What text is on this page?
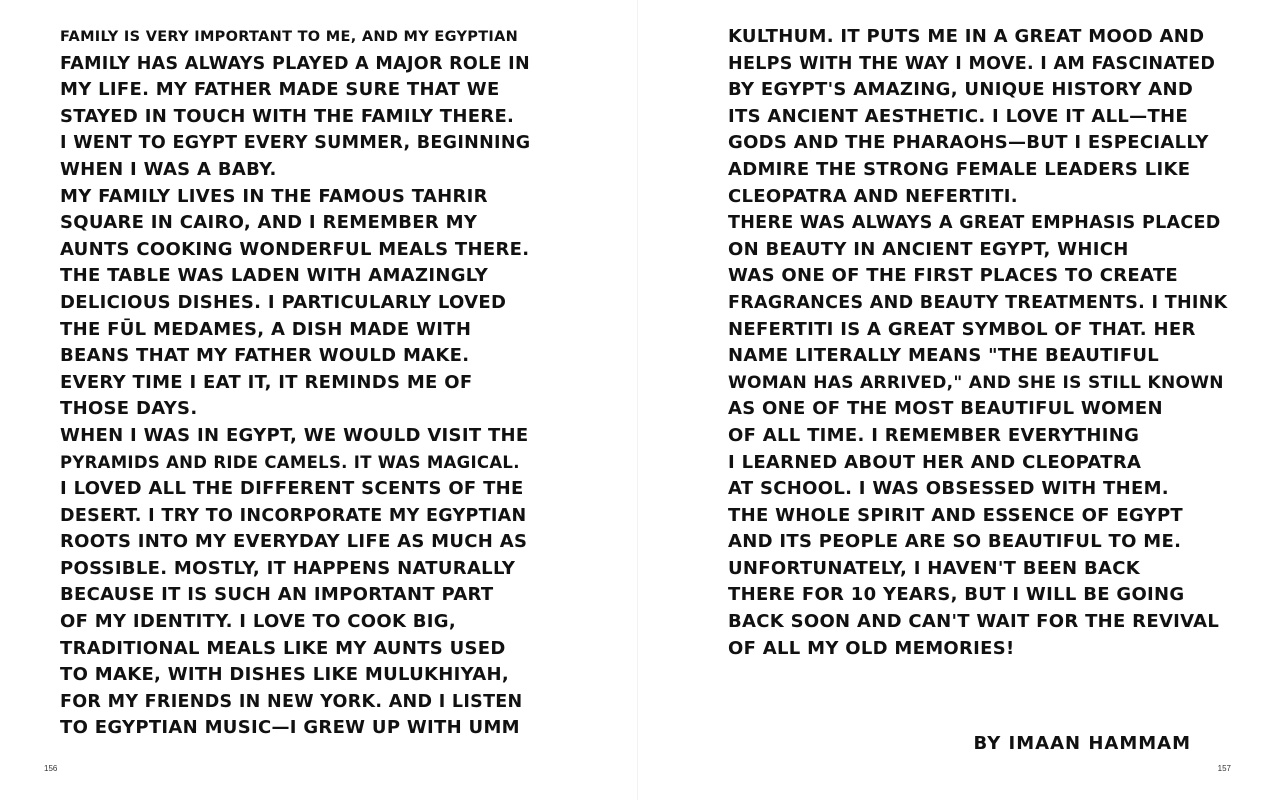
FAMILY IS VERY IMPORTANT TO ME, AND MY EGYPTIAN
FAMILY HAS ALWAYS PLAYED A MAJOR ROLE IN
MY LIFE. MY FATHER MADE SURE THAT WE
STAYED IN TOUCH WITH THE FAMILY THERE.
I WENT TO EGYPT EVERY SUMMER, BEGINNING
WHEN I WAS A BABY.
MY FAMILY LIVES IN THE FAMOUS TAHRIR
SQUARE IN CAIRO, AND I REMEMBER MY
AUNTS COOKING WONDERFUL MEALS THERE.
THE TABLE WAS LADEN WITH AMAZINGLY
DELICIOUS DISHES. I PARTICULARLY LOVED
THE FŪL MEDAMES, A DISH MADE WITH
BEANS THAT MY FATHER WOULD MAKE.
EVERY TIME I EAT IT, IT REMINDS ME OF
THOSE DAYS.
WHEN I WAS IN EGYPT, WE WOULD VISIT THE
PYRAMIDS AND RIDE CAMELS. IT WAS MAGICAL.
I LOVED ALL THE DIFFERENT SCENTS OF THE
DESERT. I TRY TO INCORPORATE MY EGYPTIAN
ROOTS INTO MY EVERYDAY LIFE AS MUCH AS
POSSIBLE. MOSTLY, IT HAPPENS NATURALLY
BECAUSE IT IS SUCH AN IMPORTANT PART
OF MY IDENTITY. I LOVE TO COOK BIG,
TRADITIONAL MEALS LIKE MY AUNTS USED
TO MAKE, WITH DISHES LIKE MULUKHIYAH,
FOR MY FRIENDS IN NEW YORK. AND I LISTEN
TO EGYPTIAN MUSIC—I GREW UP WITH UMM
156
KULTHUM. IT PUTS ME IN A GREAT MOOD AND
HELPS WITH THE WAY I MOVE. I AM FASCINATED
BY EGYPT'S AMAZING, UNIQUE HISTORY AND
ITS ANCIENT AESTHETIC. I LOVE IT ALL—THE
GODS AND THE PHARAOHS—BUT I ESPECIALLY
ADMIRE THE STRONG FEMALE LEADERS LIKE
CLEOPATRA AND NEFERTITI.
THERE WAS ALWAYS A GREAT EMPHASIS PLACED
ON BEAUTY IN ANCIENT EGYPT, WHICH
WAS ONE OF THE FIRST PLACES TO CREATE
FRAGRANCES AND BEAUTY TREATMENTS. I THINK
NEFERTITI IS A GREAT SYMBOL OF THAT. HER
NAME LITERALLY MEANS "THE BEAUTIFUL
WOMAN HAS ARRIVED," AND SHE IS STILL KNOWN
AS ONE OF THE MOST BEAUTIFUL WOMEN
OF ALL TIME. I REMEMBER EVERYTHING
I LEARNED ABOUT HER AND CLEOPATRA
AT SCHOOL. I WAS OBSESSED WITH THEM.
THE WHOLE SPIRIT AND ESSENCE OF EGYPT
AND ITS PEOPLE ARE SO BEAUTIFUL TO ME.
UNFORTUNATELY, I HAVEN'T BEEN BACK
THERE FOR 10 YEARS, BUT I WILL BE GOING
BACK SOON AND CAN'T WAIT FOR THE REVIVAL
OF ALL MY OLD MEMORIES!
BY IMAAN HAMMAM
157
